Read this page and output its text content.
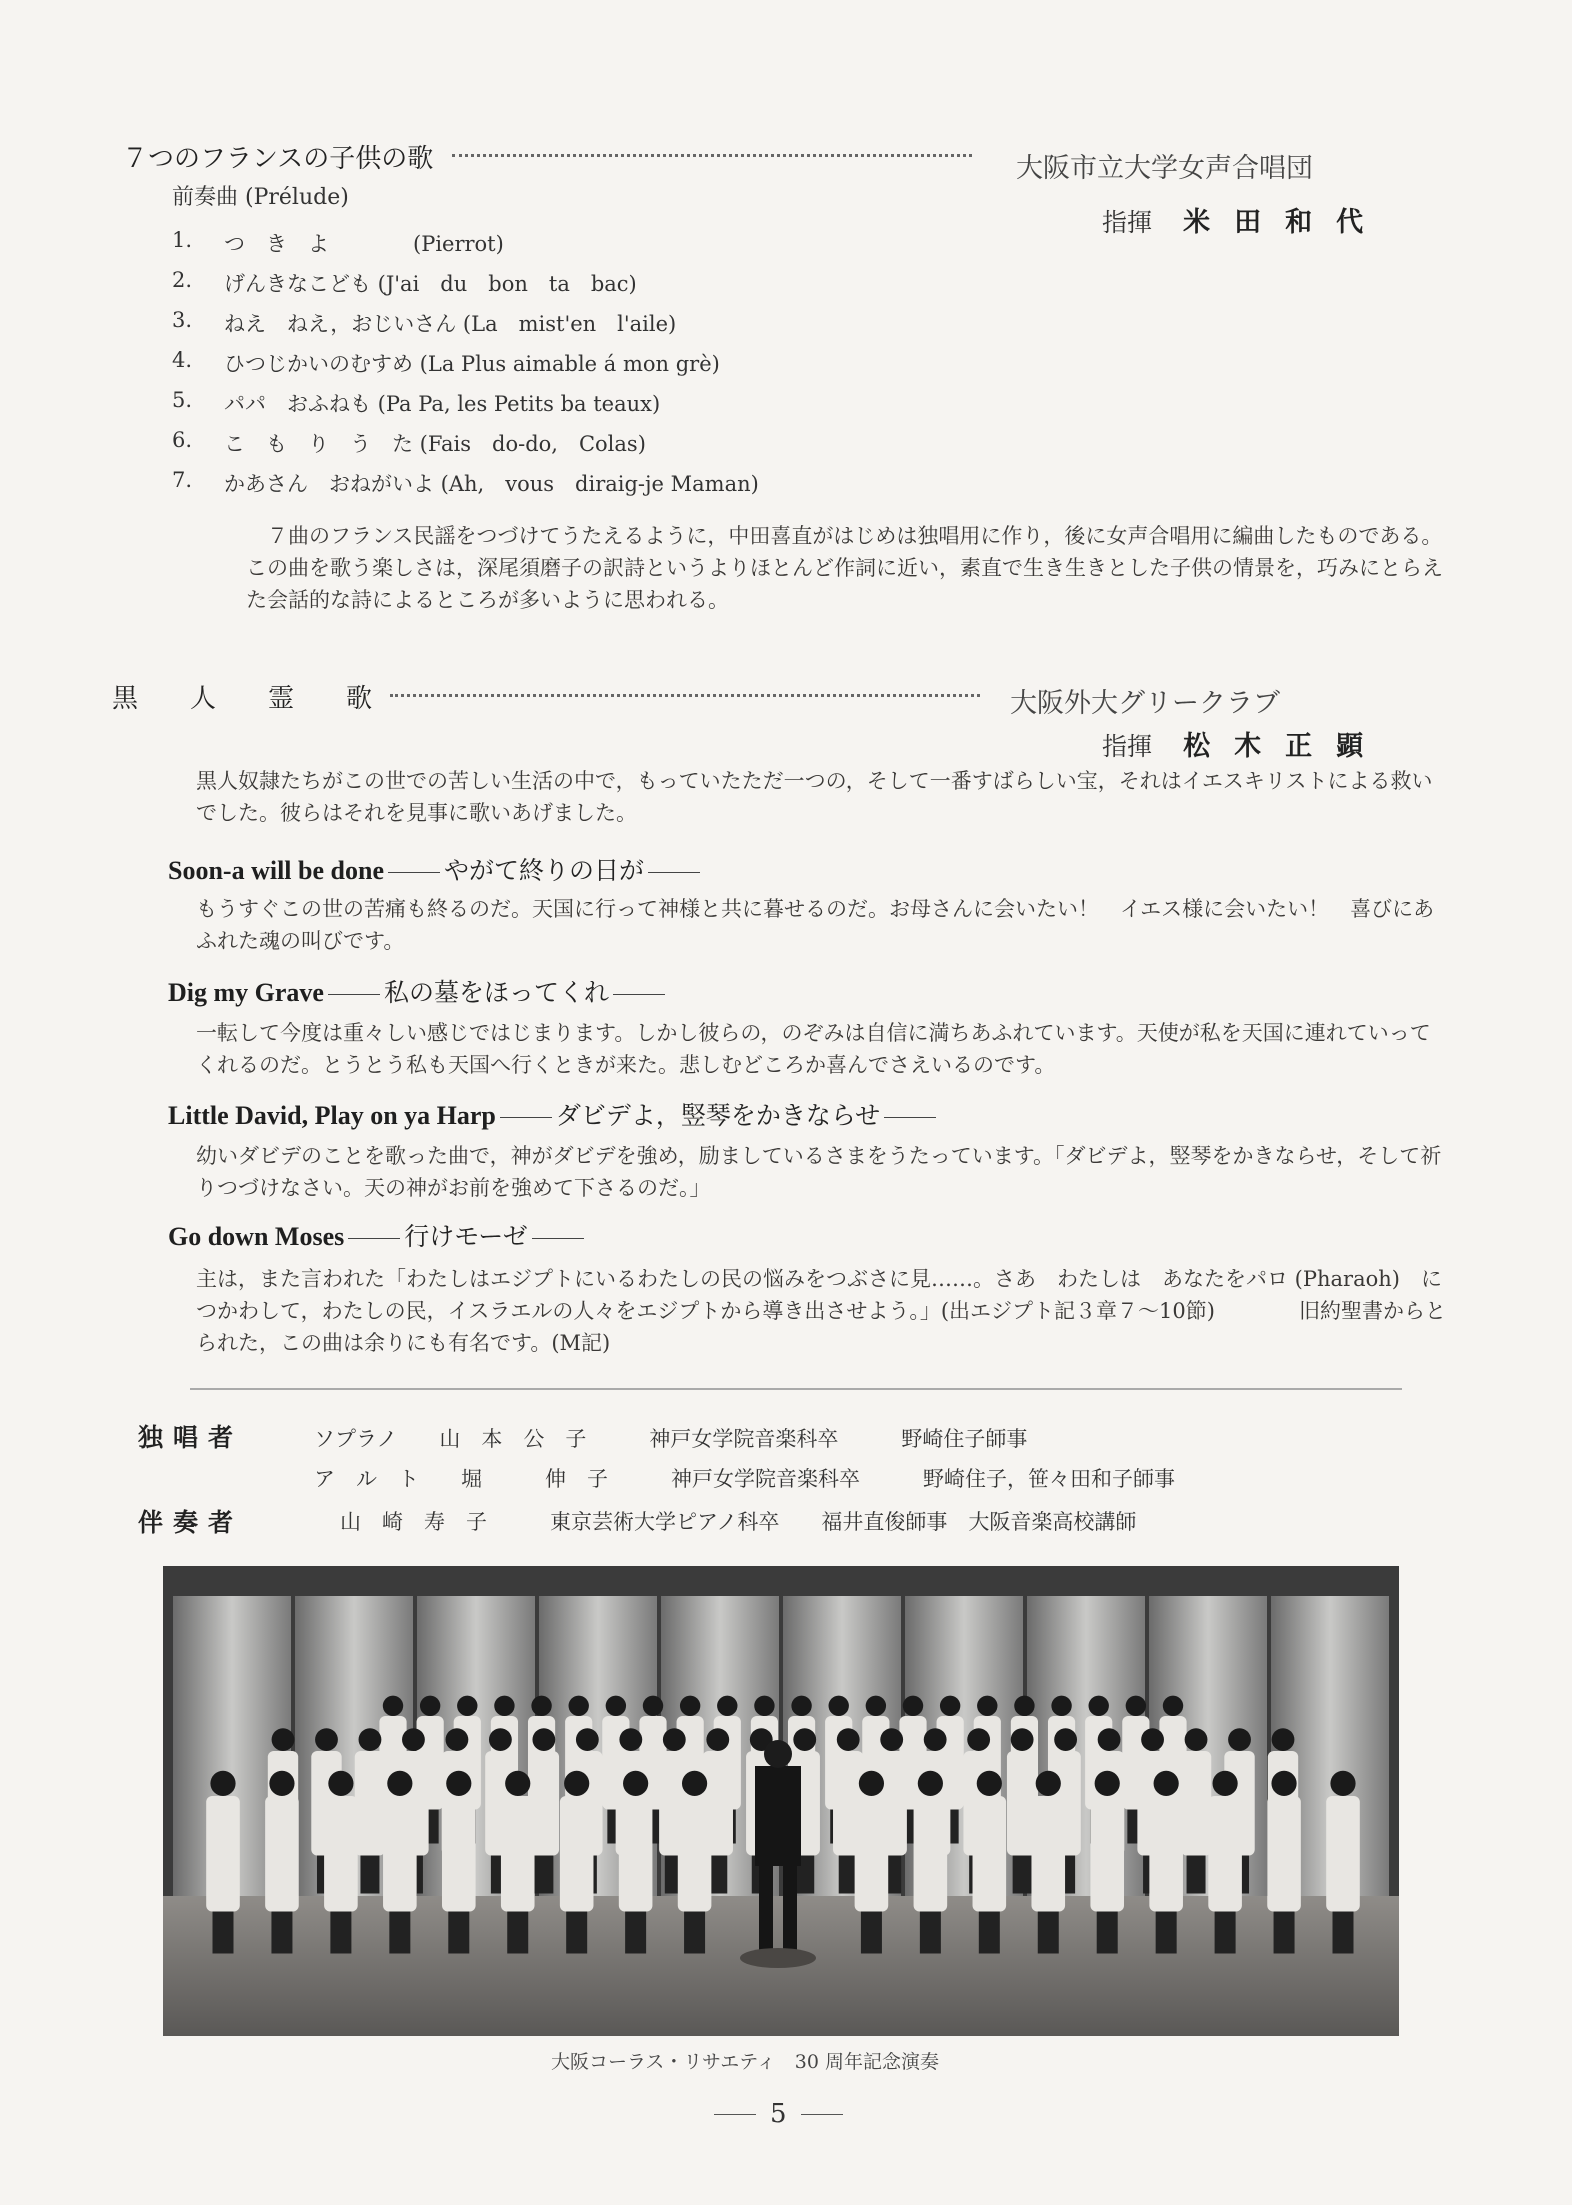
７つのフランスの子供の歌	大阪市立大学女声合唱団
前奏曲 (Prélude)
指揮 米田和代
1.	つ　き　よ　　　　(Pierrot)
2.	げんきなこども (J'ai　du　bon　ta　bac)
3.	ねえ　ねえ，おじいさん (La　mist'en　l'aile)
4.	ひつじかいのむすめ (La Plus aimable á mon grè)
5.	パパ　おふねも (Pa Pa, les Petits ba teaux)
6.	こ　も　り　う　た (Fais　do-do,　Colas)
7.	かあさん　おねがいよ (Ah,　vous　diraig-je Maman)
７曲のフランス民謡をつづけてうたえるように，中田喜直がはじめは独唱用に作り，後に女声合唱用に編曲したものである。
この曲を歌う楽しさは，深尾須磨子の訳詩というよりほとんど作詞に近い，素直で生き生きとした子供の情景を，巧みにとらえた会話的な詩によるところが多いように思われる。
黒　　人　　霊　　歌	大阪外大グリークラブ
指揮 松木正顕
黒人奴隷たちがこの世での苦しい生活の中で，もっていたただ一つの，そして一番すばらしい宝，それはイエスキリストによる救いでした。彼らはそれを見事に歌いあげました。
Soon-a will be done やがて終りの日が
もうすぐこの世の苦痛も終るのだ。天国に行って神様と共に暮せるのだ。お母さんに会いたい！　イエス様に会いたい！　喜びにあふれた魂の叫びです。
Dig my Grave 私の墓をほってくれ
一転して今度は重々しい感じではじまります。しかし彼らの，のぞみは自信に満ちあふれています。天使が私を天国に連れていってくれるのだ。とうとう私も天国へ行くときが来た。悲しむどころか喜んでさえいるのです。
Little David, Play on ya Harp ダビデよ，竪琴をかきならせ
幼いダビデのことを歌った曲で，神がダビデを強め，励ましているさまをうたっています。「ダビデよ，竪琴をかきならせ，そして祈りつづけなさい。天の神がお前を強めて下さるのだ。」
Go down Moses 行けモーゼ
主は，また言われた「わたしはエジプトにいるわたしの民の悩みをつぶさに見……。さあ　わたしは　あなたをパロ (Pharaoh)　につかわして，わたしの民，イスラエルの人々をエジプトから導き出させよう。」(出エジプト記３章７～10節)　　　　旧約聖書からとられた，この曲は余りにも有名です。(M記)
独唱者	ソプラノ　　山　本　公　子　　　神戸女学院音楽科卒　　　野崎住子師事
ア　ル　ト　　堀　　　伸　子　　　神戸女学院音楽科卒　　　野崎住子，笹々田和子師事
伴奏者	山　崎　寿　子　　　東京芸術大学ピアノ科卒　　福井直俊師事　大阪音楽高校講師
大阪コーラス・リサエティ　30 周年記念演奏
5
